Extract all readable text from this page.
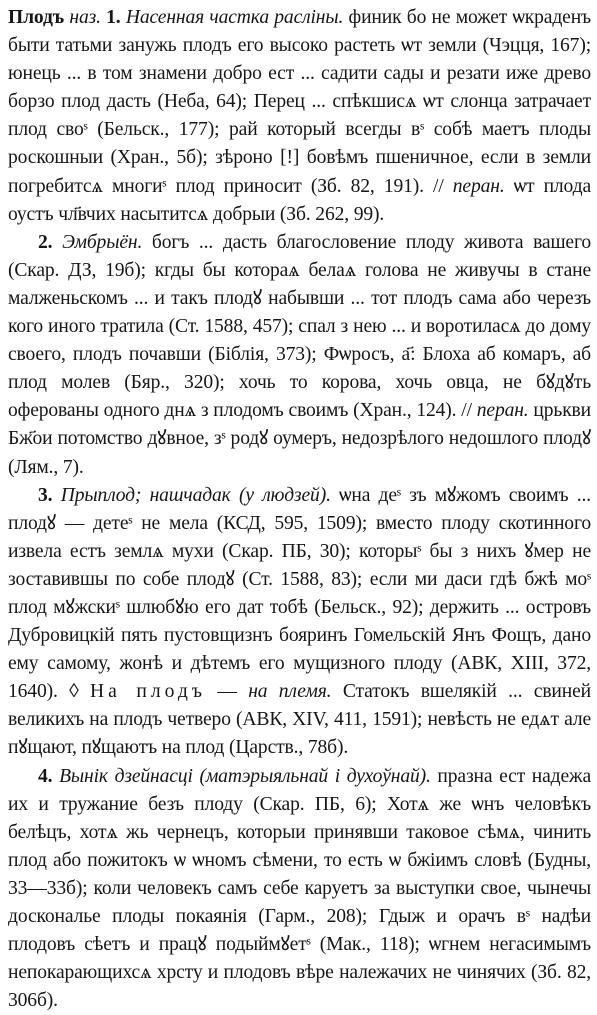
Плодъ наз. 1. Насенная частка расліны. финик бо не может ѡкраденъ быти татьми занужь плодъ его высоко растеть ѡт земли (Чэцця, 167); юнець ... в том знамени добро ест ... садити сады и резати иже древо борзо плод дасть (Неба, 64); Перец ... спѣкшисѧ ѡт слонца затрачает плод своˢ (Бельск., 177); рай который всегды вˢ собѣ маетъ плоды роскошныи (Хран., 5б); зѣроно [!] бовѣмъ пшеничное, если в земли погребитсѧ многиˢ плод приносит (Зб. 82, 191). // перан. ѡт плода оустъ чл҃вчих насытитсѧ добрыи (Зб. 262, 99).

2. Эмбрыён. богъ ... дасть благословение плоду живота вашего (Скар. ДЗ, 19б); кгды бы котораѧ белаѧ голова не живучы в стане малженьскомъ ... и такъ плодꙋ набывши ... тот плодъ сама або черезъ кого иного тратила (Ст. 1588, 457); спал з нею ... и воротиласѧ до дому своего, плодъ почавши (Біблія, 373); Фѡросъ, а҃: Блоха аб комаръ, аб плод молев (Бяр., 320); хочь то корова, хочь овца, не бꙋдꙋть оферованы одного днѧ з плодомъ своимъ (Хран., 124). // перан. црькви Бж҃ои потомство дꙋвное, зˢ родꙋ оумеръ, недозрѣлого недошлого плодꙋ (Лям., 7).

3. Прыплод; нашчадак (у людзей). ѡна деˢ зъ мꙋжомъ своимъ ... плодꙋ — детеˢ не мела (КСД, 595, 1509); вместо плоду скотинного извела естъ землѧ мухи (Скар. ПБ, 30); которыˢ бы з нихъ ꙋмер не зоставившы по собе плодꙋ (Ст. 1588, 83); если ми даси гдѣ бжѣ моˢ плод мꙋжскиˢ шлюбꙋю его дат тобѣ (Бельск., 92); держить ... островъ Дубровицкій пять пустовщизнъ бояринъ Гомельскій Янъ Фощъ, дано ему самому, жонѣ и дѣтемъ его мущизного плоду (АВК, XIII, 372, 1640). ◊ На плодъ — на племя. Статокъ вшелякій ... свиней великихъ на плодъ четверо (АВК, XIV, 411, 1591); невѣсть не едѧт але пꙋщают, пꙋщаютъ на плод (Царств., 78б).

4. Вынік дзейнасці (матэрыяльнай і духоўнай). празна ест надежа их и тружание безъ плоду (Скар. ПБ, 6); Хотѧ же ѡнъ человѣкъ белѣцъ, хотѧ жь чернецъ, которыи принявши таковое сѣмѧ, чинить плод або пожитокъ ѡ ѡномъ сѣмени, то есть ѡ бжіимъ словѣ (Будны, 33—33б); коли человекъ самъ себе каруетъ за выступки свое, чынечы доскональе плоды покаянія (Гарм., 208); Гдыж и орачъ вˢ надѣи плодовъ сѣетъ и працꙋ подыймꙋетˢ (Мак., 118); ѡгнем негасимымъ непокарающихсѧ хрсту и плодовъ вѣре належачих не чинячих (Зб. 82, 306б).
